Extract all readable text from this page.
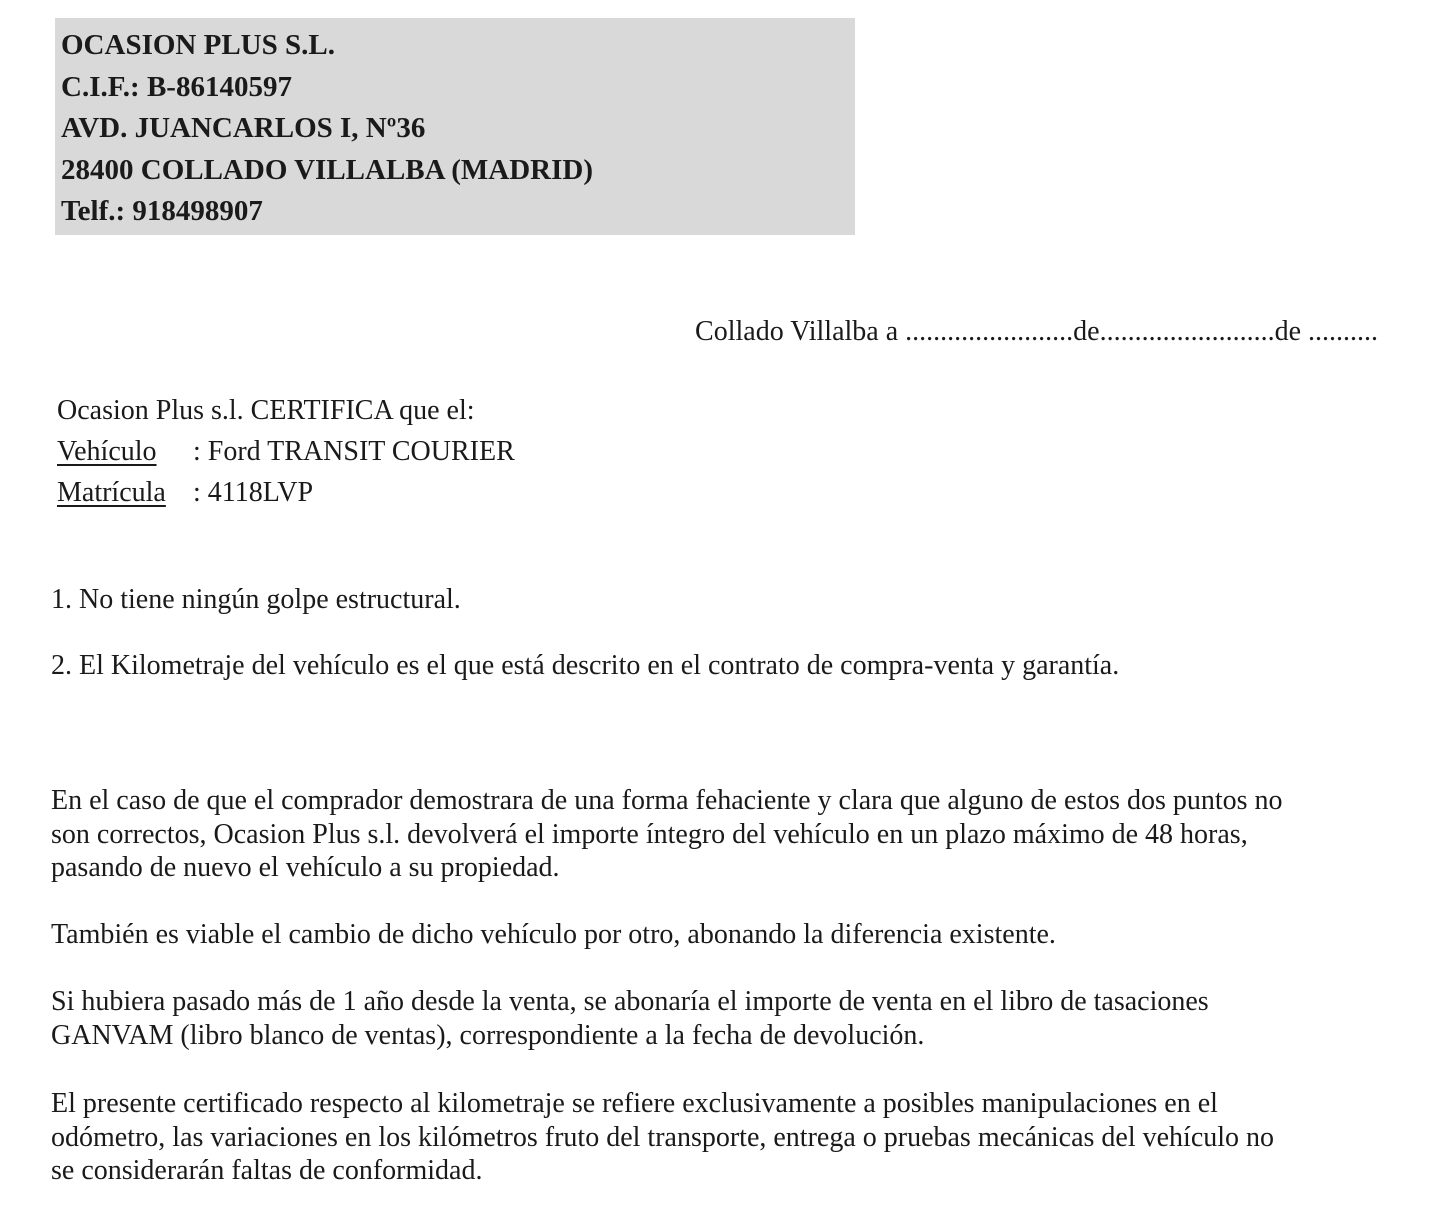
OCASION PLUS S.L.
C.I.F.: B-86140597
AVD. JUANCARLOS I, Nº36
28400 COLLADO VILLALBA (MADRID)
Telf.: 918498907
Collado Villalba a ........................de.........................de ..........
Ocasion Plus s.l. CERTIFICA que el:
Vehículo : Ford TRANSIT COURIER
Matrícula : 4118LVP
1. No tiene ningún golpe estructural.
2. El Kilometraje del vehículo es el que está descrito en el contrato de compra-venta y garantía.
En el caso de que el comprador demostrara de una forma fehaciente y clara que alguno de estos dos puntos no
son correctos, Ocasion Plus s.l. devolverá el importe íntegro del vehículo en un plazo máximo de 48 horas,
pasando de nuevo el vehículo a su propiedad.
También es viable el cambio de dicho vehículo por otro, abonando la diferencia existente.
Si hubiera pasado más de 1 año desde la venta, se abonaría el importe de venta en el libro de tasaciones
GANVAM (libro blanco de ventas), correspondiente a la fecha de devolución.
El presente certificado respecto al kilometraje se refiere exclusivamente a posibles manipulaciones en el
odómetro, las variaciones en los kilómetros fruto del transporte, entrega o pruebas mecánicas del vehículo no
se considerarán faltas de conformidad.
